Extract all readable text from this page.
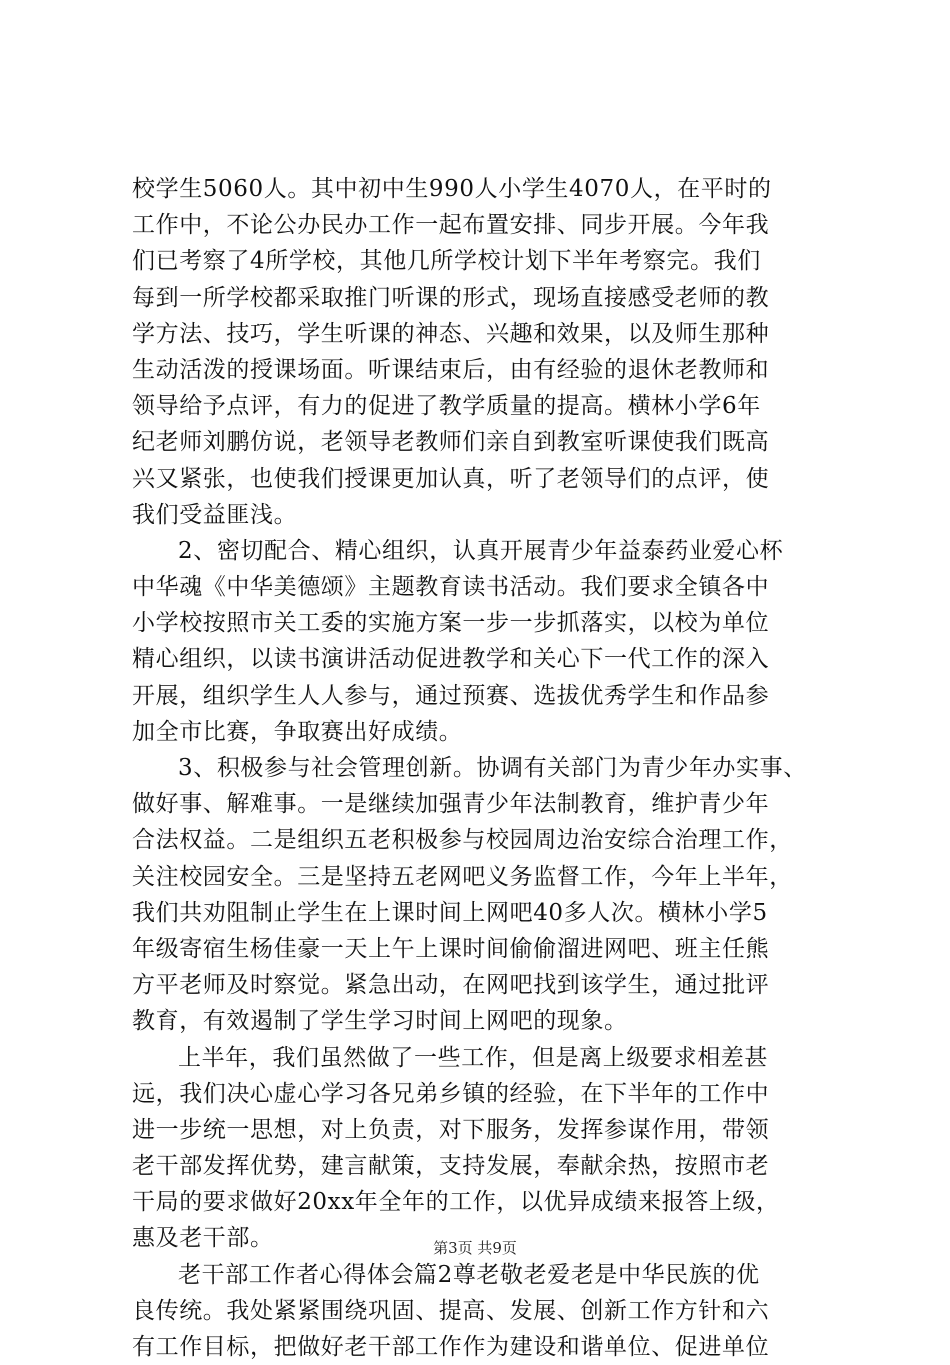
校学生5060人。其中初中生990人小学生4070人，在平时的
工作中，不论公办民办工作一起布置安排、同步开展。今年我
们已考察了4所学校，其他几所学校计划下半年考察完。我们
每到一所学校都采取推门听课的形式，现场直接感受老师的教
学方法、技巧，学生听课的神态、兴趣和效果，以及师生那种
生动活泼的授课场面。听课结束后，由有经验的退休老教师和
领导给予点评，有力的促进了教学质量的提高。横林小学6年
纪老师刘鹏仿说，老领导老教师们亲自到教室听课使我们既高
兴又紧张，也使我们授课更加认真，听了老领导们的点评，使
我们受益匪浅。
2、密切配合、精心组织，认真开展青少年益泰药业爱心杯
中华魂《中华美德颂》主题教育读书活动。我们要求全镇各中
小学校按照市关工委的实施方案一步一步抓落实，以校为单位
精心组织，以读书演讲活动促进教学和关心下一代工作的深入
开展，组织学生人人参与，通过预赛、选拔优秀学生和作品参
加全市比赛，争取赛出好成绩。
3、积极参与社会管理创新。协调有关部门为青少年办实事、
做好事、解难事。一是继续加强青少年法制教育，维护青少年
合法权益。二是组织五老积极参与校园周边治安综合治理工作，
关注校园安全。三是坚持五老网吧义务监督工作，今年上半年，
我们共劝阻制止学生在上课时间上网吧40多人次。横林小学5
年级寄宿生杨佳豪一天上午上课时间偷偷溜进网吧、班主任熊
方平老师及时察觉。紧急出动，在网吧找到该学生，通过批评
教育，有效遏制了学生学习时间上网吧的现象。
上半年，我们虽然做了一些工作，但是离上级要求相差甚
远，我们决心虚心学习各兄弟乡镇的经验，在下半年的工作中
进一步统一思想，对上负责，对下服务，发挥参谋作用，带领
老干部发挥优势，建言献策，支持发展，奉献余热，按照市老
干局的要求做好20xx年全年的工作，以优异成绩来报答上级，
惠及老干部。
老干部工作者心得体会篇2尊老敬老爱老是中华民族的优
良传统。我处紧紧围绕巩固、提高、发展、创新工作方针和六
有工作目标，把做好老干部工作作为建设和谐单位、促进单位
第3页 共9页
